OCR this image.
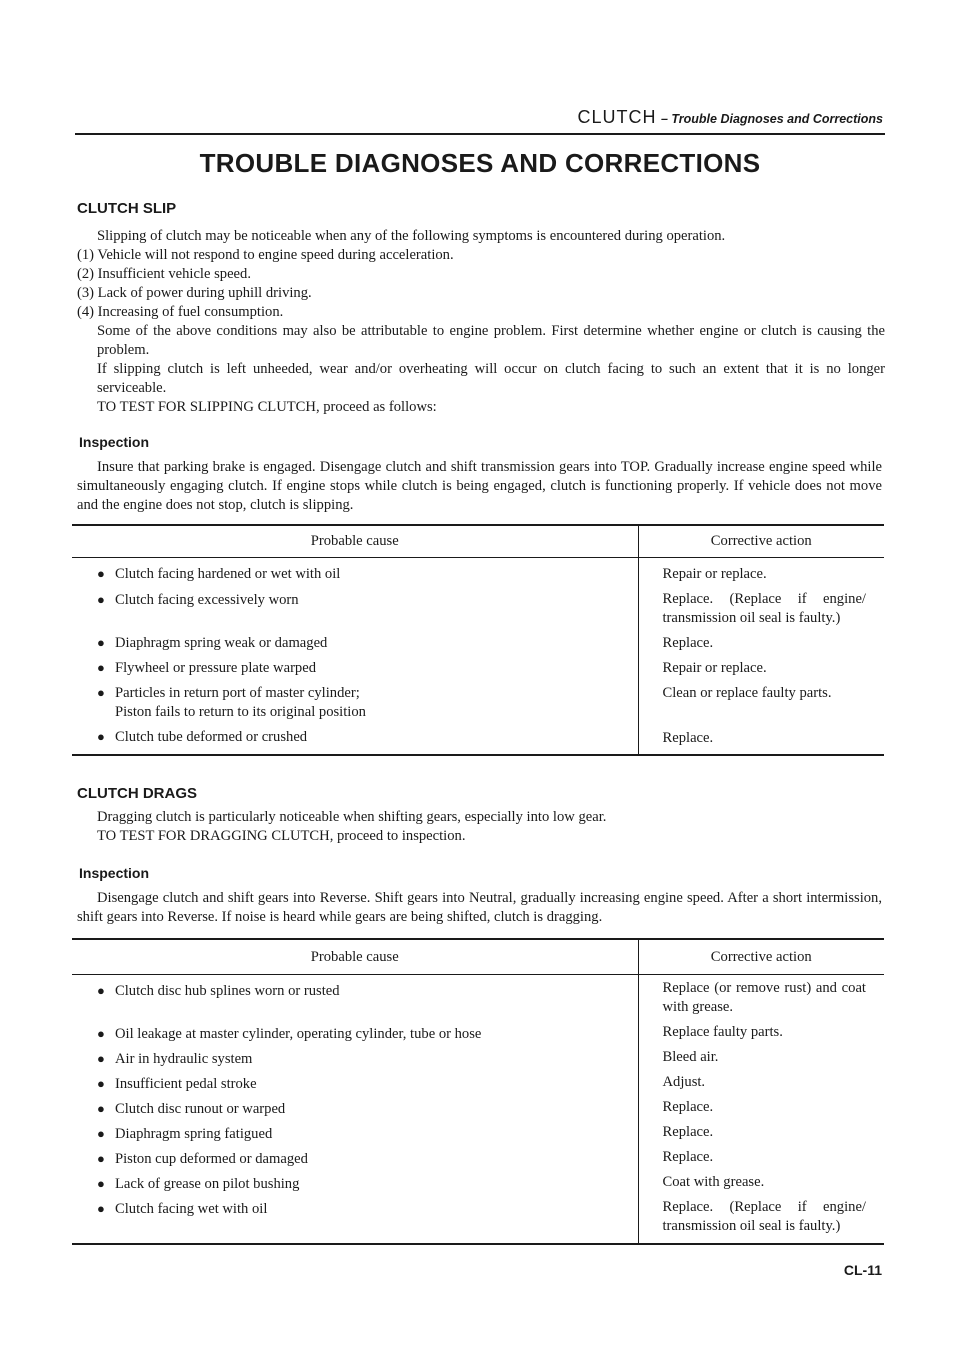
CLUTCH – Trouble Diagnoses and Corrections
TROUBLE DIAGNOSES AND CORRECTIONS
CLUTCH SLIP
Slipping of clutch may be noticeable when any of the following symptoms is encountered during operation.
(1) Vehicle will not respond to engine speed during acceleration.
(2) Insufficient vehicle speed.
(3) Lack of power during uphill driving.
(4) Increasing of fuel consumption.
Some of the above conditions may also be attributable to engine problem. First determine whether engine or clutch is causing the problem.
If slipping clutch is left unheeded, wear and/or overheating will occur on clutch facing to such an extent that it is no longer serviceable.
TO TEST FOR SLIPPING CLUTCH, proceed as follows:
Inspection
Insure that parking brake is engaged. Disengage clutch and shift transmission gears into TOP. Gradually increase engine speed while simultaneously engaging clutch. If engine stops while clutch is being engaged, clutch is functioning properly. If vehicle does not move and the engine does not stop, clutch is slipping.
Probable cause	Corrective action
● Clutch facing hardened or wet with oil	Repair or replace.
● Clutch facing excessively worn	Replace. (Replace if engine/ transmission oil seal is faulty.)
● Diaphragm spring weak or damaged	Replace.
● Flywheel or pressure plate warped	Repair or replace.
● Particles in return port of master cylinder;
Piston fails to return to its original position	Clean or replace faulty parts.
● Clutch tube deformed or crushed	Replace.
CLUTCH DRAGS
Dragging clutch is particularly noticeable when shifting gears, especially into low gear.
TO TEST FOR DRAGGING CLUTCH, proceed to inspection.
Inspection
Disengage clutch and shift gears into Reverse. Shift gears into Neutral, gradually increasing engine speed. After a short intermission, shift gears into Reverse. If noise is heard while gears are being shifted, clutch is dragging.
Probable cause	Corrective action
● Clutch disc hub splines worn or rusted	Replace (or remove rust) and coat with grease.
● Oil leakage at master cylinder, operating cylinder, tube or hose	Replace faulty parts.
● Air in hydraulic system	Bleed air.
● Insufficient pedal stroke	Adjust.
● Clutch disc runout or warped	Replace.
● Diaphragm spring fatigued	Replace.
● Piston cup deformed or damaged	Replace.
● Lack of grease on pilot bushing	Coat with grease.
● Clutch facing wet with oil	Replace. (Replace if engine/ transmission oil seal is faulty.)
CL-11
